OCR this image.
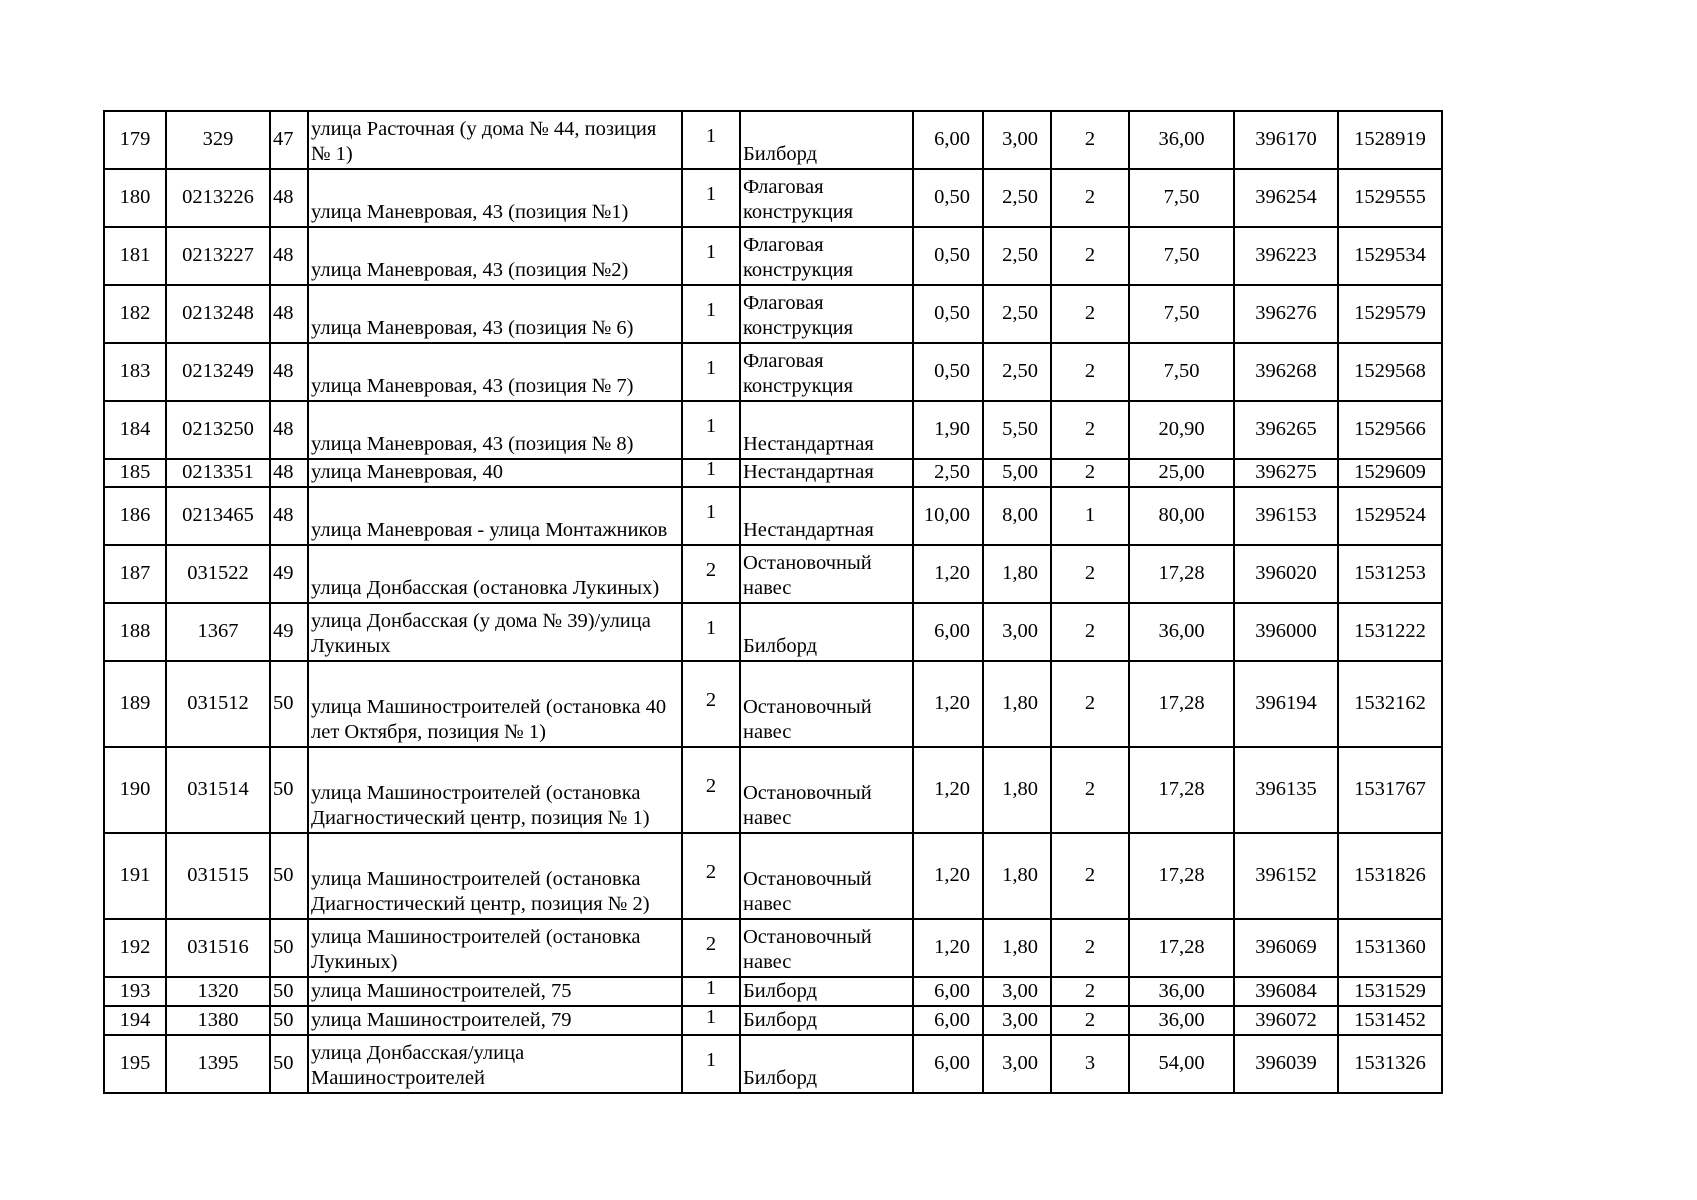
179	329	47	улица Расточная (у дома № 44, позиция № 1)	1	Билборд	6,00	3,00	2	36,00	396170	1528919
180	0213226	48	улица Маневровая, 43 (позиция №1)	1	Флаговая конструкция	0,50	2,50	2	7,50	396254	1529555
181	0213227	48	улица Маневровая, 43 (позиция №2)	1	Флаговая конструкция	0,50	2,50	2	7,50	396223	1529534
182	0213248	48	улица Маневровая, 43 (позиция № 6)	1	Флаговая конструкция	0,50	2,50	2	7,50	396276	1529579
183	0213249	48	улица Маневровая, 43 (позиция № 7)	1	Флаговая конструкция	0,50	2,50	2	7,50	396268	1529568
184	0213250	48	улица Маневровая, 43 (позиция № 8)	1	Нестандартная	1,90	5,50	2	20,90	396265	1529566
185	0213351	48	улица Маневровая, 40	1	Нестандартная	2,50	5,00	2	25,00	396275	1529609
186	0213465	48	улица Маневровая - улица Монтажников	1	Нестандартная	10,00	8,00	1	80,00	396153	1529524
187	031522	49	улица Донбасская (остановка Лукиных)	2	Остановочный навес	1,20	1,80	2	17,28	396020	1531253
188	1367	49	улица Донбасская (у дома № 39)/улица Лукиных	1	Билборд	6,00	3,00	2	36,00	396000	1531222
189	031512	50	улица Машиностроителей (остановка 40 лет Октября, позиция № 1)	2	Остановочный навес	1,20	1,80	2	17,28	396194	1532162
190	031514	50	улица Машиностроителей (остановка Диагностический центр, позиция № 1)	2	Остановочный навес	1,20	1,80	2	17,28	396135	1531767
191	031515	50	улица Машиностроителей (остановка Диагностический центр, позиция № 2)	2	Остановочный навес	1,20	1,80	2	17,28	396152	1531826
192	031516	50	улица Машиностроителей (остановка Лукиных)	2	Остановочный навес	1,20	1,80	2	17,28	396069	1531360
193	1320	50	улица Машиностроителей, 75	1	Билборд	6,00	3,00	2	36,00	396084	1531529
194	1380	50	улица Машиностроителей, 79	1	Билборд	6,00	3,00	2	36,00	396072	1531452
195	1395	50	улица Донбасская/улица Машиностроителей	1	Билборд	6,00	3,00	3	54,00	396039	1531326
